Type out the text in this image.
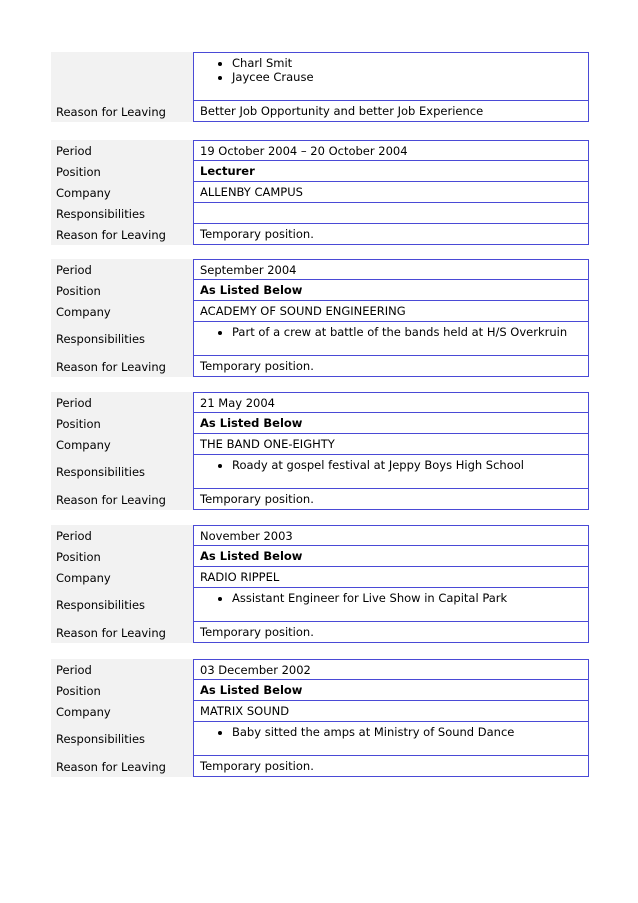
• Charl Smit
• Jaycee Crause
Reason for Leaving	Better Job Opportunity and better Job Experience
Period	19 October 2004 – 20 October 2004
Position	Lecturer
Company	ALLENBY CAMPUS
Responsibilities
Reason for Leaving	Temporary position.
Period	September 2004
Position	As Listed Below
Company	ACADEMY OF SOUND ENGINEERING
Responsibilities	• Part of a crew at battle of the bands held at H/S Overkruin
Reason for Leaving	Temporary position.
Period	21 May 2004
Position	As Listed Below
Company	THE BAND ONE-EIGHTY
Responsibilities	• Roady at gospel festival at Jeppy Boys High School
Reason for Leaving	Temporary position.
Period	November 2003
Position	As Listed Below
Company	RADIO RIPPEL
Responsibilities	• Assistant Engineer for Live Show in Capital Park
Reason for Leaving	Temporary position.
Period	03 December 2002
Position	As Listed Below
Company	MATRIX SOUND
Responsibilities	• Baby sitted the amps at Ministry of Sound Dance
Reason for Leaving	Temporary position.
